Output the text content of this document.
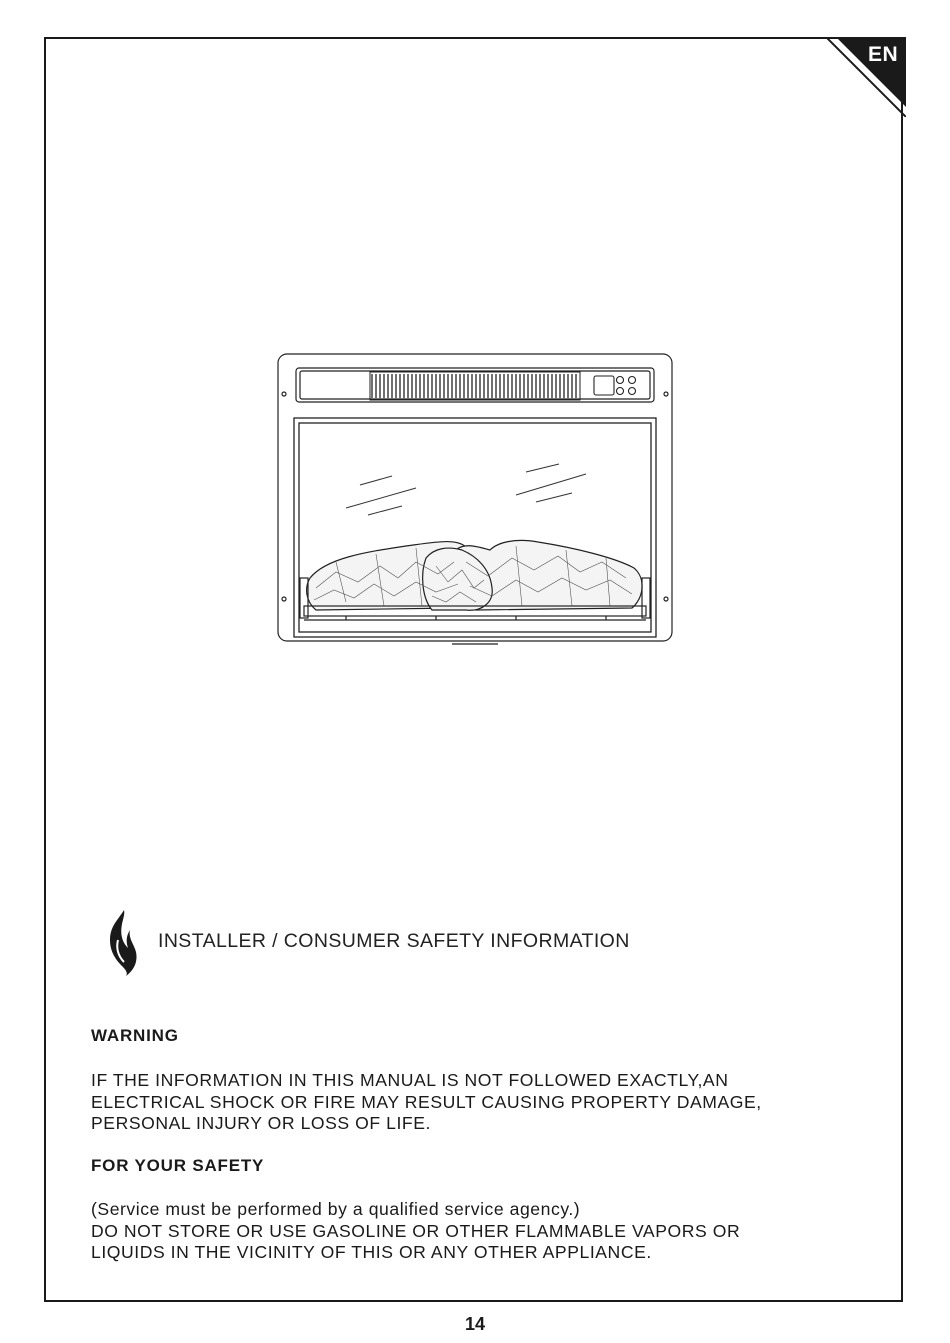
EN
INSTALLER / CONSUMER SAFETY INFORMATION
WARNING
IF THE INFORMATION IN THIS MANUAL IS NOT FOLLOWED EXACTLY,AN
ELECTRICAL SHOCK OR FIRE MAY RESULT CAUSING PROPERTY DAMAGE,
PERSONAL INJURY OR LOSS OF LIFE.
FOR YOUR SAFETY
(Service must be performed by a qualified service agency.)
DO NOT STORE OR USE GASOLINE OR OTHER FLAMMABLE VAPORS OR
LIQUIDS IN THE VICINITY OF THIS OR ANY OTHER APPLIANCE.
14
